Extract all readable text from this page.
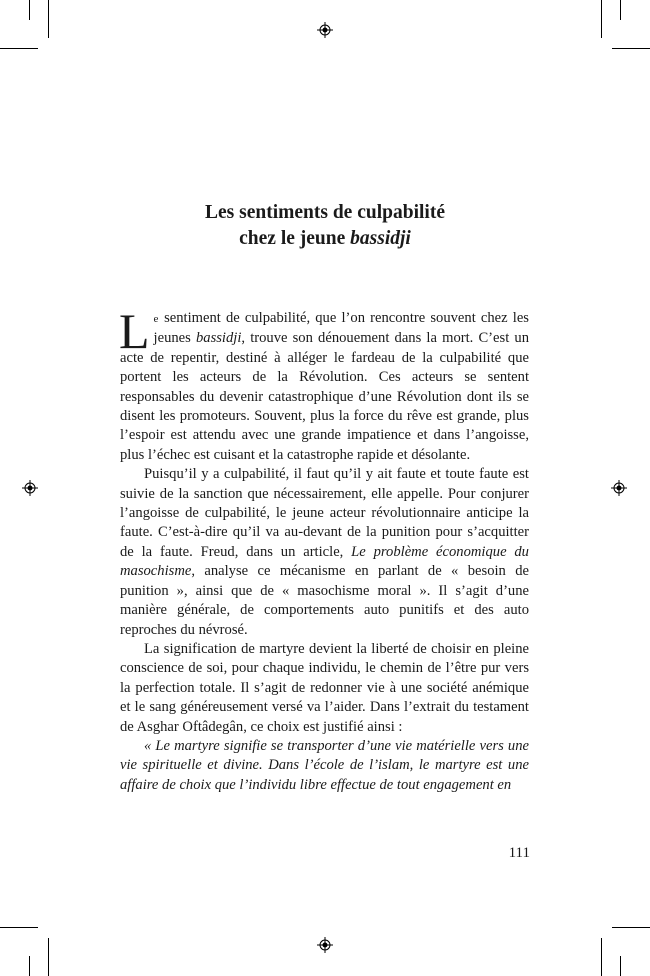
Les sentiments de culpabilité
chez le jeune bassidji

Le sentiment de culpabilité, que l’on rencontre souvent chez les jeunes bassidji, trouve son dénouement dans la mort. C’est un acte de repentir, destiné à alléger le fardeau de la culpabilité que portent les acteurs de la Révolution. Ces acteurs se sentent responsables du devenir catastrophique d’une Révolution dont ils se disent les promoteurs. Souvent, plus la force du rêve est grande, plus l’espoir est attendu avec une grande impatience et dans l’angoisse, plus l’échec est cuisant et la catastrophe rapide et désolante.

Puisqu’il y a culpabilité, il faut qu’il y ait faute et toute faute est suivie de la sanction que nécessairement, elle appelle. Pour conjurer l’angoisse de culpabilité, le jeune acteur révolutionnaire anticipe la faute. C’est-à-dire qu’il va au-devant de la punition pour s’acquitter de la faute. Freud, dans un article, Le problème économique du masochisme, analyse ce mécanisme en parlant de « besoin de punition », ainsi que de « masochisme moral ». Il s’agit d’une manière générale, de comportements auto punitifs et des auto reproches du névrosé.

La signification de martyre devient la liberté de choisir en pleine conscience de soi, pour chaque individu, le chemin de l’être pur vers la perfection totale. Il s’agit de redonner vie à une société anémique et le sang généreusement versé va l’aider. Dans l’extrait du testament de Asghar Oftâdegân, ce choix est justifié ainsi :

« Le martyre signifie se transporter d’une vie matérielle vers une vie spirituelle et divine. Dans l’école de l’islam, le martyre est une affaire de choix que l’individu libre effectue de tout engagement en

111
